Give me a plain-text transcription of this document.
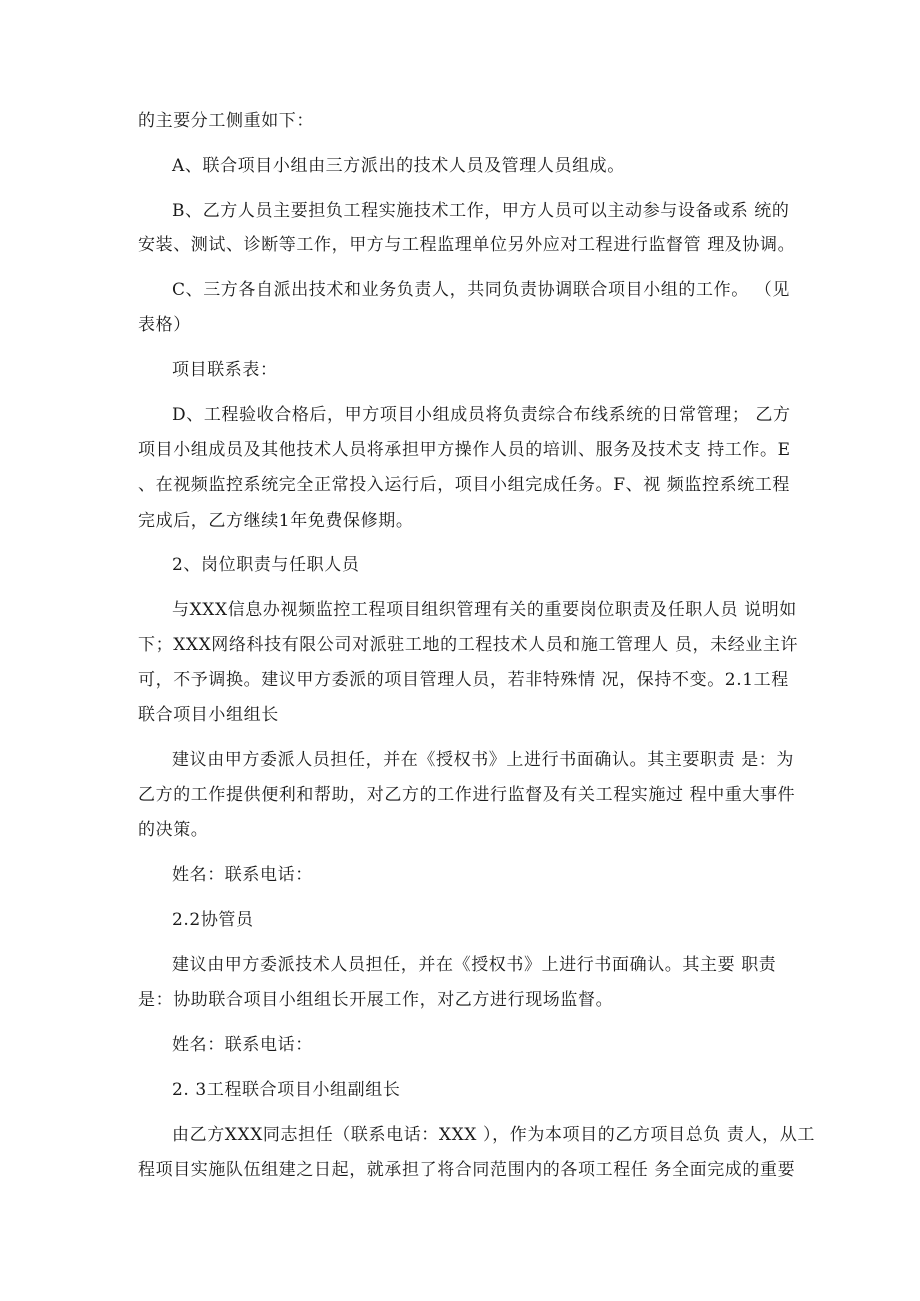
的主要分工侧重如下：
A、联合项目小组由三方派出的技术人员及管理人员组成。
B、乙方人员主要担负工程实施技术工作，甲方人员可以主动参与设备或系 统的
安装、测试、诊断等工作，甲方与工程监理单位另外应对工程进行监督管 理及协调。
C、三方各自派出技术和业务负责人，共同负责协调联合项目小组的工作。 （见
表格）
项目联系表：
D、工程验收合格后，甲方项目小组成员将负责综合布线系统的日常管理； 乙方
项目小组成员及其他技术人员将承担甲方操作人员的培训、服务及技术支 持工作。E
、在视频监控系统完全正常投入运行后，项目小组完成任务。F、视 频监控系统工程
完成后，乙方继续1年免费保修期。
2、岗位职责与任职人员
与XXX信息办视频监控工程项目组织管理有关的重要岗位职责及任职人员 说明如
下；XXX网络科技有限公司对派驻工地的工程技术人员和施工管理人 员，未经业主许
可，不予调换。建议甲方委派的项目管理人员，若非特殊情 况，保持不变。2.1工程
联合项目小组组长
建议由甲方委派人员担任，并在《授权书》上进行书面确认。其主要职责 是：为
乙方的工作提供便利和帮助，对乙方的工作进行监督及有关工程实施过 程中重大事件
的决策。
姓名：联系电话：
2.2协管员
建议由甲方委派技术人员担任，并在《授权书》上进行书面确认。其主要 职责
是：协助联合项目小组组长开展工作，对乙方进行现场监督。
姓名：联系电话：
2. 3工程联合项目小组副组长
由乙方XXX同志担任（联系电话：XXX ），作为本项目的乙方项目总负 责人，从工
程项目实施队伍组建之日起，就承担了将合同范围内的各项工程任 务全面完成的重要
